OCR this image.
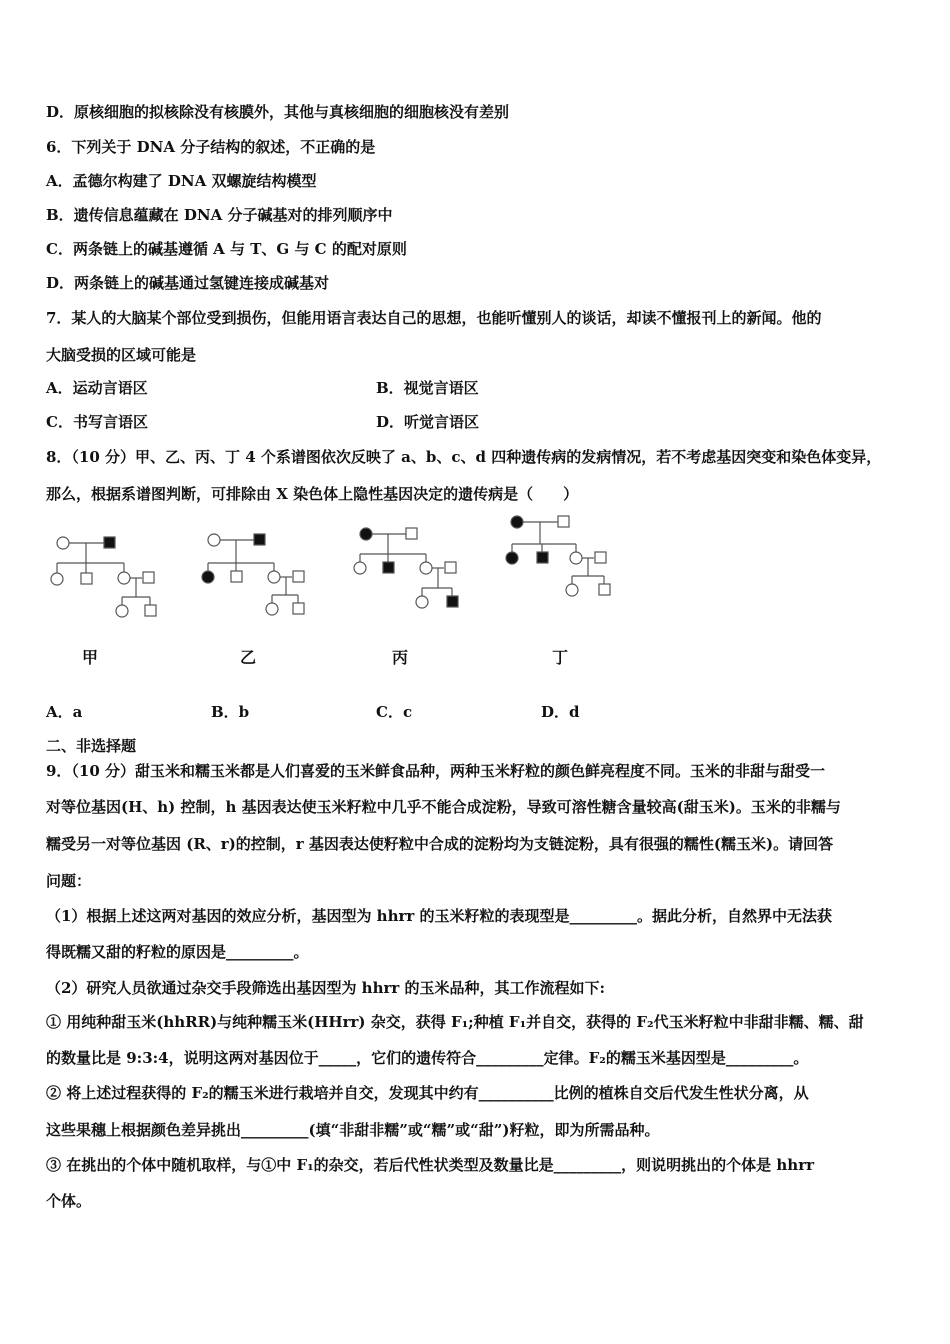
D．原核细胞的拟核除没有核膜外，其他与真核细胞的细胞核没有差别
6．下列关于 DNA 分子结构的叙述，不正确的是
A．孟德尔构建了 DNA 双螺旋结构模型
B．遗传信息蕴藏在 DNA 分子碱基对的排列顺序中
C．两条链上的碱基遵循 A 与 T、G 与 C 的配对原则
D．两条链上的碱基通过氢键连接成碱基对
7．某人的大脑某个部位受到损伤，但能用语言表达自己的思想，也能听懂别人的谈话，却读不懂报刊上的新闻。他的
大脑受损的区域可能是
A．运动言语区	B．视觉言语区
C．书写言语区	D．听觉言语区
8．（10 分）甲、乙、丙、丁 4 个系谱图依次反映了 a、b、c、d 四种遗传病的发病情况，若不考虑基因突变和染色体变异，
那么，根据系谱图判断，可排除由 X 染色体上隐性基因决定的遗传病是（　　）
甲	乙	丙	丁
A．a	B．b	C．c	D．d
二、非选择题
9．（10 分）甜玉米和糯玉米都是人们喜爱的玉米鲜食品种，两种玉米籽粒的颜色鲜亮程度不同。玉米的非甜与甜受一
对等位基因(H、h) 控制，h 基因表达使玉米籽粒中几乎不能合成淀粉，导致可溶性糖含量较高(甜玉米)。玉米的非糯与
糯受另一对等位基因 (R、r)的控制，r 基因表达使籽粒中合成的淀粉均为支链淀粉，具有很强的糯性(糯玉米)。请回答
问题：
（1）根据上述这两对基因的效应分析，基因型为 hhrr 的玉米籽粒的表现型是_________。据此分析，自然界中无法获
得既糯又甜的籽粒的原因是_________。
（2）研究人员欲通过杂交手段筛选出基因型为 hhrr 的玉米品种，其工作流程如下:
① 用纯种甜玉米(hhRR)与纯种糯玉米(HHrr) 杂交，获得 F₁;种植 F₁并自交，获得的 F₂代玉米籽粒中非甜非糯、糯、甜
的数量比是 9:3:4，说明这两对基因位于_____，它们的遗传符合_________定律。F₂的糯玉米基因型是_________。
② 将上述过程获得的 F₂的糯玉米进行栽培并自交，发现其中约有__________比例的植株自交后代发生性状分离，从
这些果穗上根据颜色差异挑出_________(填“非甜非糯”或“糯”或“甜”)籽粒，即为所需品种。
③ 在挑出的个体中随机取样，与①中 F₁的杂交，若后代性状类型及数量比是_________，则说明挑出的个体是 hhrr
个体。
